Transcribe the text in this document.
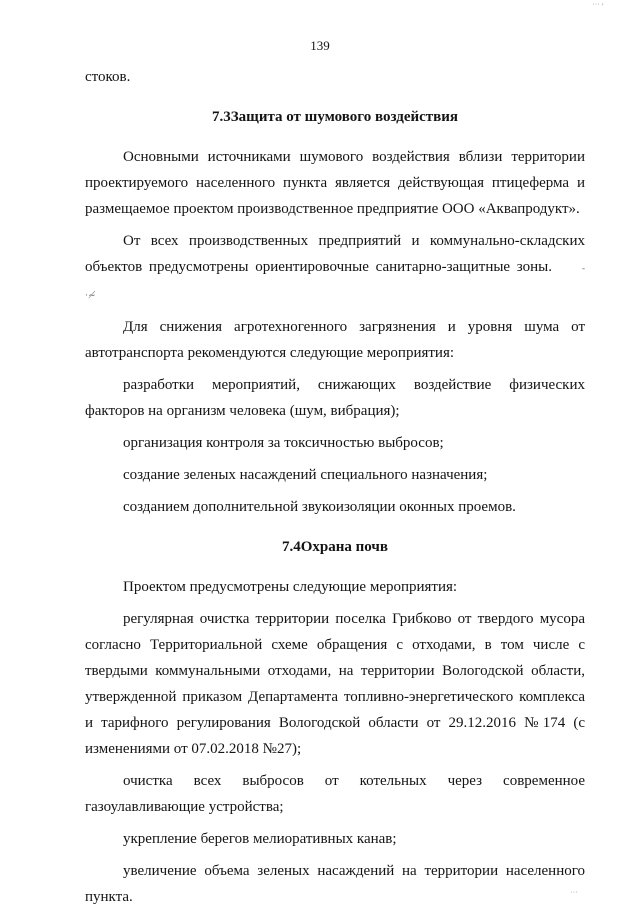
˙˙˙ '
139

стоков.

7.3Защита от шумового воздействия

Основными источниками шумового воздействия вблизи территории проектируемого населенного пункта является действующая птицеферма и размещаемое проектом производственное предприятие ООО «Аквапродукт».

От всех производственных предприятий и коммунально-складских объектов предусмотрены ориентировочные санитарно-защитные зоны.	- ·≁

Для снижения агротехногенного загрязнения и уровня шума от автотранспорта рекомендуются следующие мероприятия:

разработки мероприятий, снижающих воздействие физических факторов на организм человека (шум, вибрация);

организация контроля за токсичностью выбросов;

создание зеленых насаждений специального назначения;

созданием дополнительной звукоизоляции оконных проемов.

7.4Охрана почв

Проектом предусмотрены следующие мероприятия:

регулярная очистка территории поселка Грибково от твердого мусора согласно Территориальной схеме обращения с отходами, в том числе с твердыми коммунальными отходами, на территории Вологодской области, утвержденной приказом Департамента топливно-энергетического комплекса и тарифного регулирования Вологодской области от 29.12.2016 №174 (с изменениями от 07.02.2018 №27);

очистка всех выбросов от котельных через современное

газоулавливающие устройства;

укрепление берегов мелиоративных канав;

увеличение объема зеленых насаждений на территории населенного пункта.	˙˙˙
